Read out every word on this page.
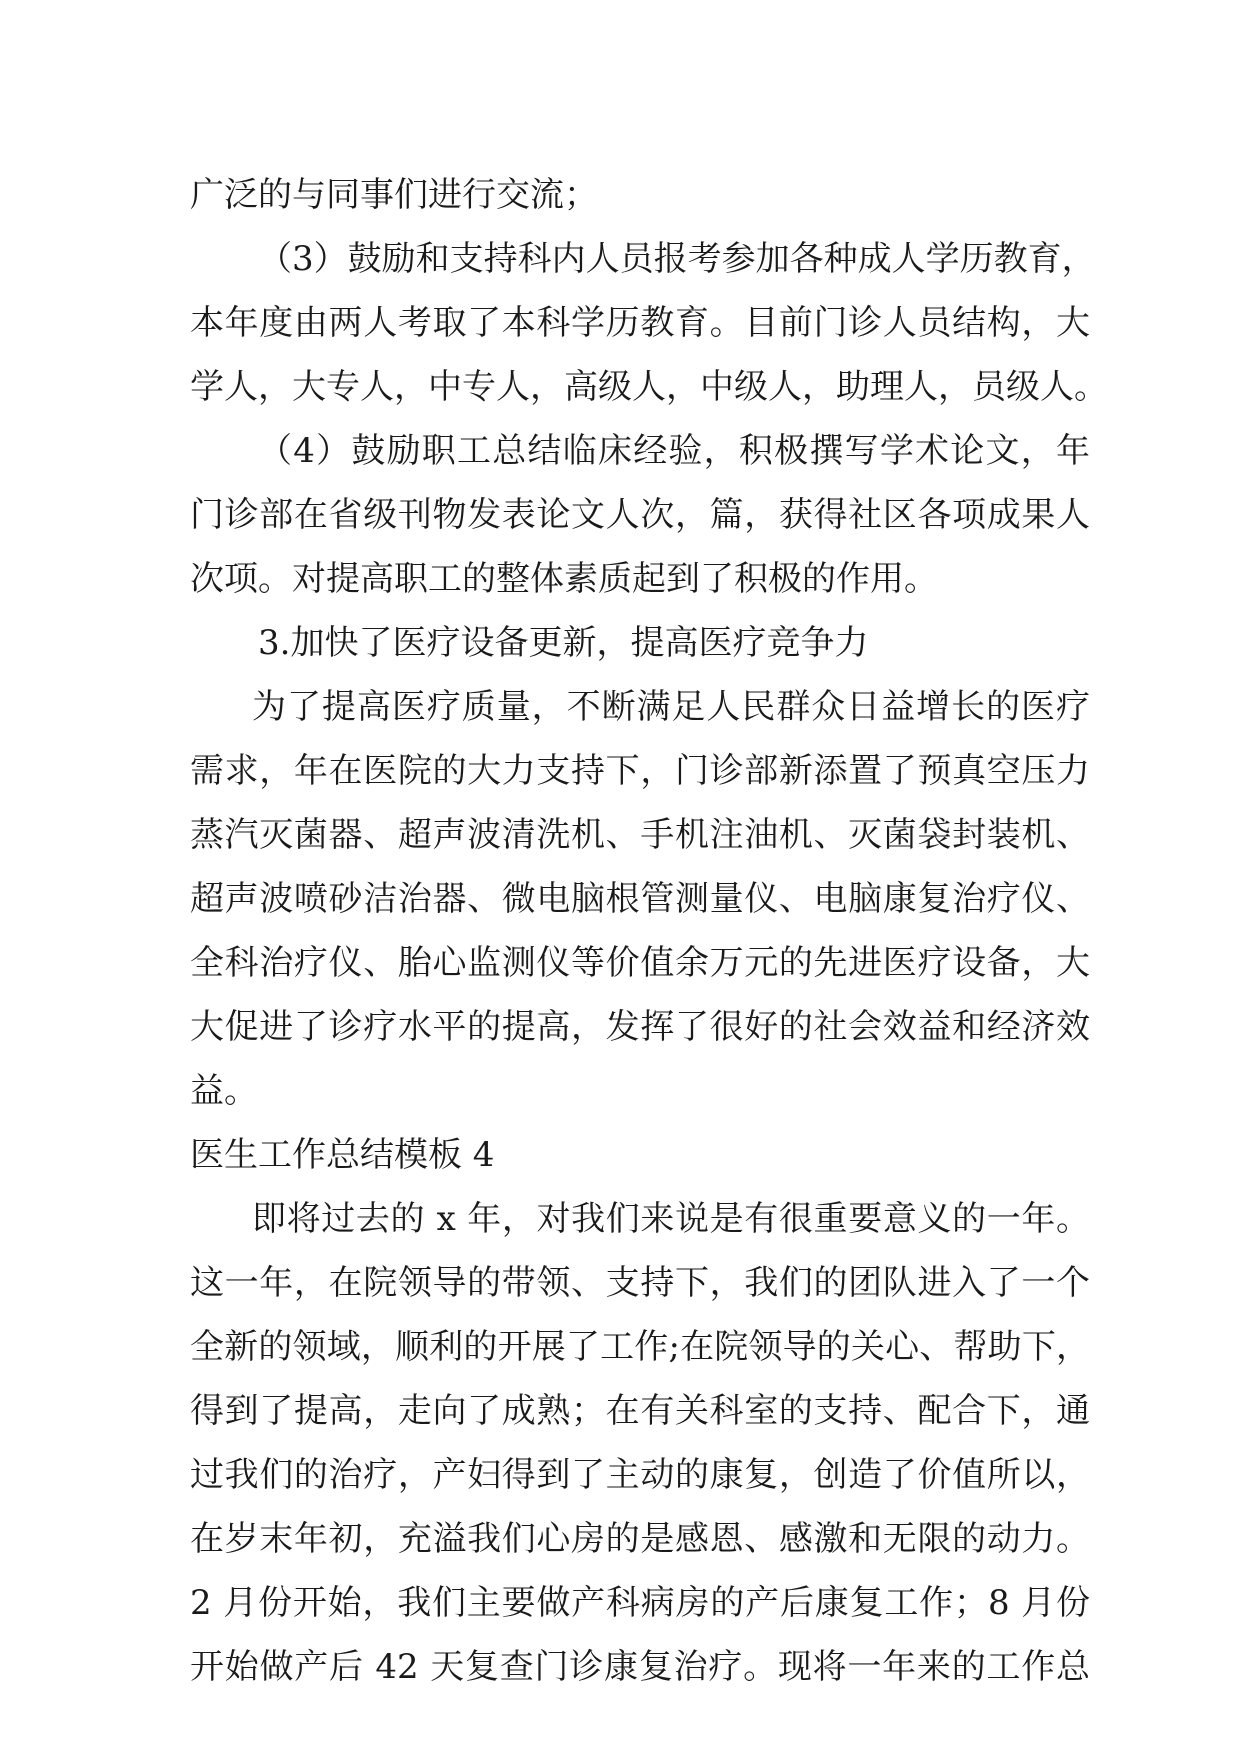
广泛的与同事们进行交流；
（3）鼓励和支持科内人员报考参加各种成人学历教育，
本年度由两人考取了本科学历教育。目前门诊人员结构，大
学人，大专人，中专人，高级人，中级人，助理人，员级人。
（4）鼓励职工总结临床经验，积极撰写学术论文，年
门诊部在省级刊物发表论文人次，篇，获得社区各项成果人
次项。对提高职工的整体素质起到了积极的作用。
3.加快了医疗设备更新，提高医疗竞争力
为了提高医疗质量，不断满足人民群众日益增长的医疗
需求，年在医院的大力支持下，门诊部新添置了预真空压力
蒸汽灭菌器、超声波清洗机、手机注油机、灭菌袋封装机、
超声波喷砂洁治器、微电脑根管测量仪、电脑康复治疗仪、
全科治疗仪、胎心监测仪等价值余万元的先进医疗设备，大
大促进了诊疗水平的提高，发挥了很好的社会效益和经济效
益。
医生工作总结模板 4
即将过去的 x 年，对我们来说是有很重要意义的一年。
这一年，在院领导的带领、支持下，我们的团队进入了一个
全新的领域，顺利的开展了工作;在院领导的关心、帮助下，
得到了提高，走向了成熟；在有关科室的支持、配合下，通
过我们的治疗，产妇得到了主动的康复，创造了价值所以，
在岁末年初，充溢我们心房的是感恩、感激和无限的动力。
2 月份开始，我们主要做产科病房的产后康复工作；8 月份
开始做产后 42 天复查门诊康复治疗。现将一年来的工作总
